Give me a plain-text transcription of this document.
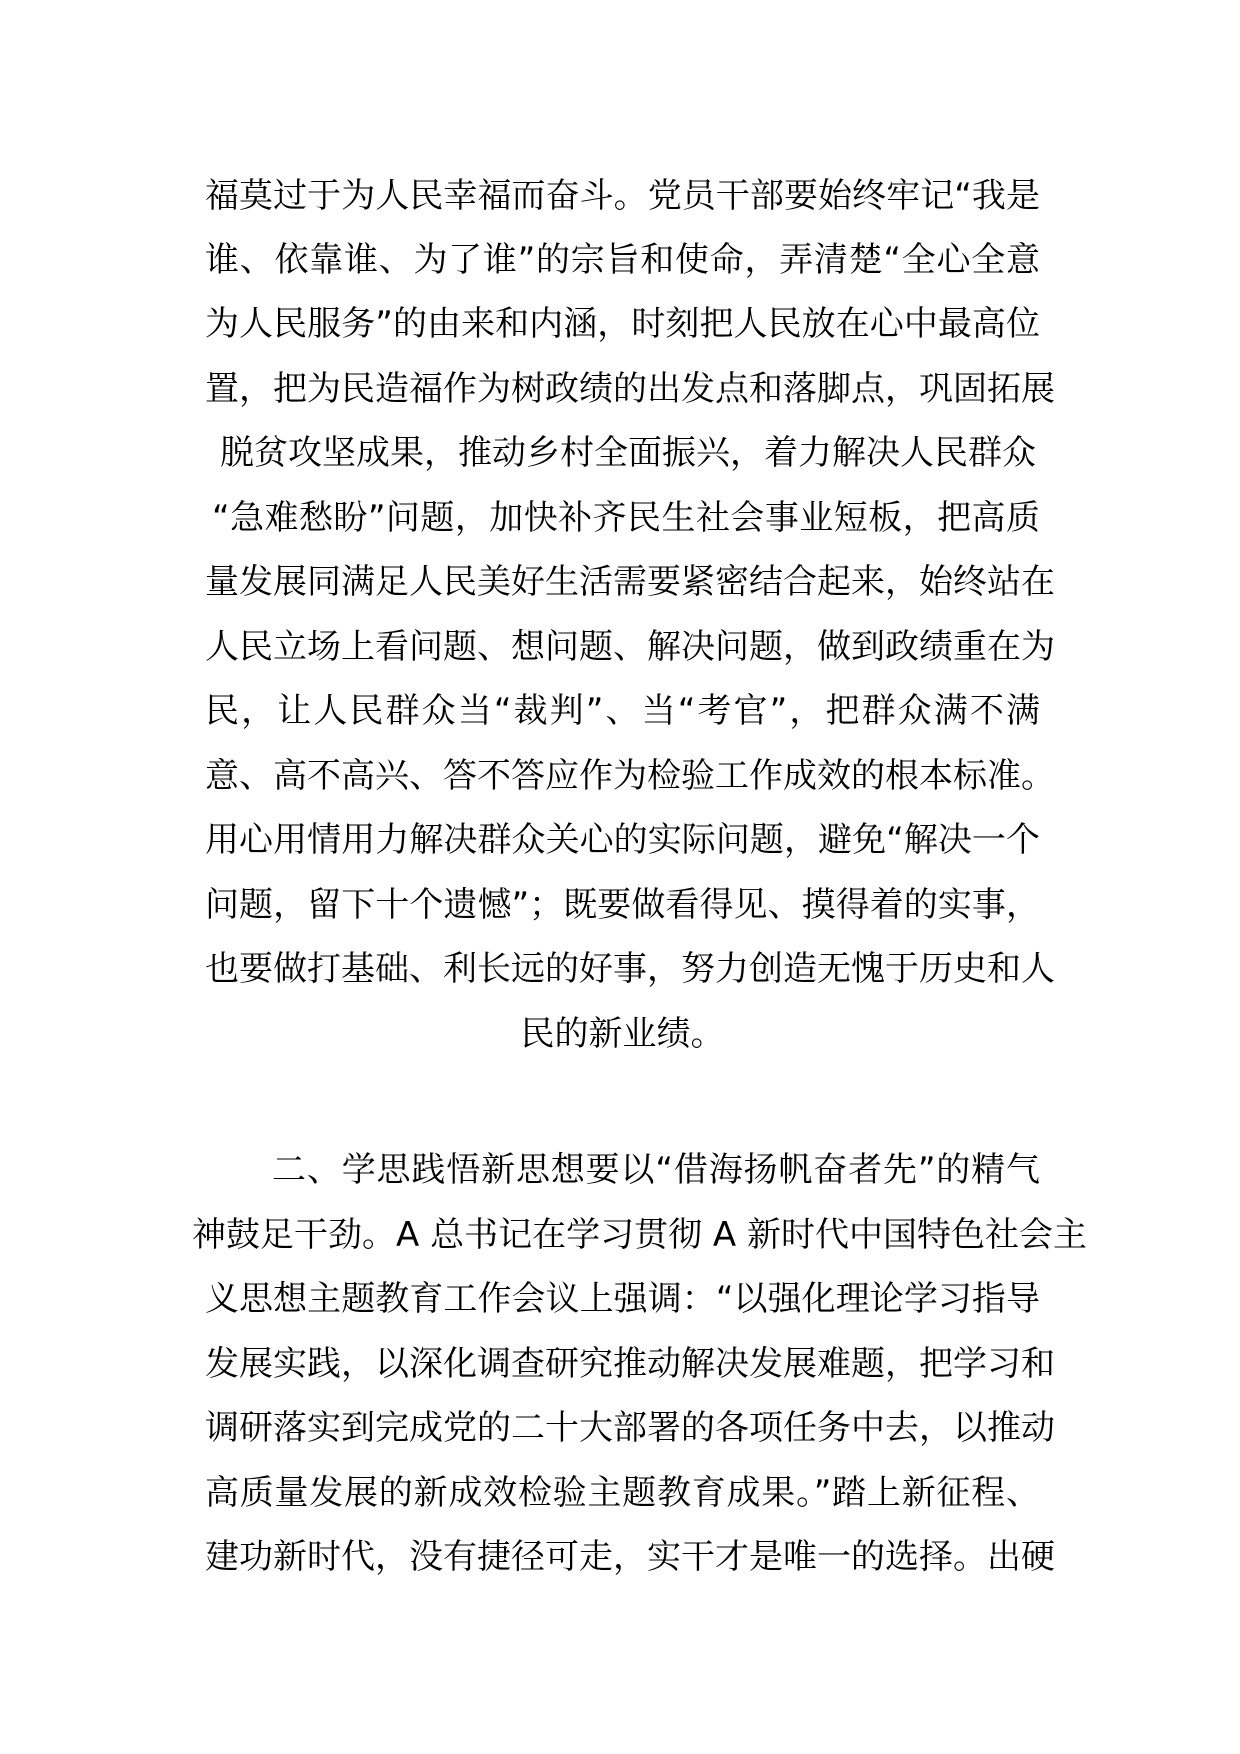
福莫过于为人民幸福而奋斗。党员干部要始终牢记“我是
谁、依靠谁、为了谁”的宗旨和使命，弄清楚“全心全意
为人民服务”的由来和内涵，时刻把人民放在心中最高位
置，把为民造福作为树政绩的出发点和落脚点，巩固拓展
脱贫攻坚成果，推动乡村全面振兴，着力解决人民群众
“急难愁盼”问题，加快补齐民生社会事业短板，把高质
量发展同满足人民美好生活需要紧密结合起来，始终站在
人民立场上看问题、想问题、解决问题，做到政绩重在为
民，让人民群众当“裁判”、当“考官”，把群众满不满
意、高不高兴、答不答应作为检验工作成效的根本标准。
用心用情用力解决群众关心的实际问题，避免“解决一个
问题，留下十个遗憾”；既要做看得见、摸得着的实事，
也要做打基础、利长远的好事，努力创造无愧于历史和人
民的新业绩。
二、学思践悟新思想要以“借海扬帆奋者先”的精气
神鼓足干劲。A 总书记在学习贯彻 A 新时代中国特色社会主
义思想主题教育工作会议上强调：“以强化理论学习指导
发展实践，以深化调查研究推动解决发展难题，把学习和
调研落实到完成党的二十大部署的各项任务中去，以推动
高质量发展的新成效检验主题教育成果。”踏上新征程、
建功新时代，没有捷径可走，实干才是唯一的选择。出硬
